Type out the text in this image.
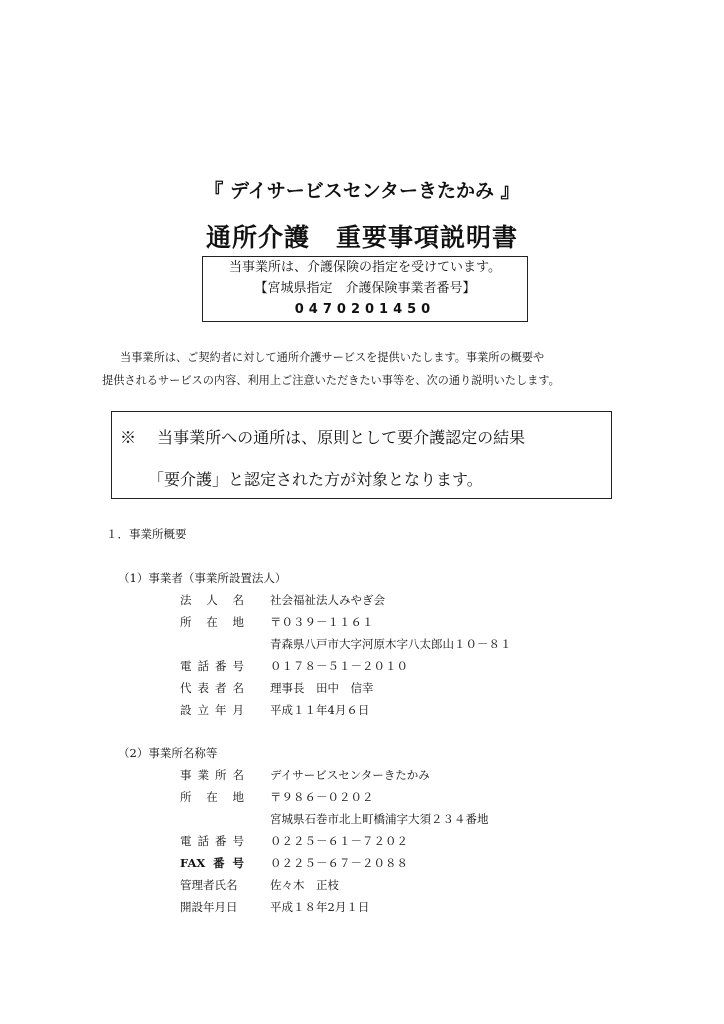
『 デイサービスセンターきたかみ 』
通所介護　重要事項説明書
当事業所は、介護保険の指定を受けています。
【宮城県指定　介護保険事業者番号】
0470201450
当事業所は、ご契約者に対して通所介護サービスを提供いたします。事業所の概要や
提供されるサービスの内容、利用上ご注意いただきたい事等を、次の通り説明いたします。
※　 当事業所への通所は、原則として要介護認定の結果
「要介護」と認定された方が対象となります。
１．事業所概要
（1）事業者（事業所設置法人）
法人名 社会福祉法人みやぎ会
所在地 〒０３９－１１６１
青森県八戸市大字河原木字八太郎山１０－８１
電話番号 ０１７８－５１－２０１０
代表者名 理事長　田中　信幸
設立年月 平成１１年4月６日
（2）事業所名称等
事業所名 デイサービスセンターきたかみ
所在地 〒９８６－０２０２
宮城県石巻市北上町橋浦字大須２３４番地
電話番号 ０２２５－６１－７２０２
FAX番号 ０２２５－６７－２０８８
管理者氏名	佐々木　正枝
開設年月日	平成１８年2月１日
